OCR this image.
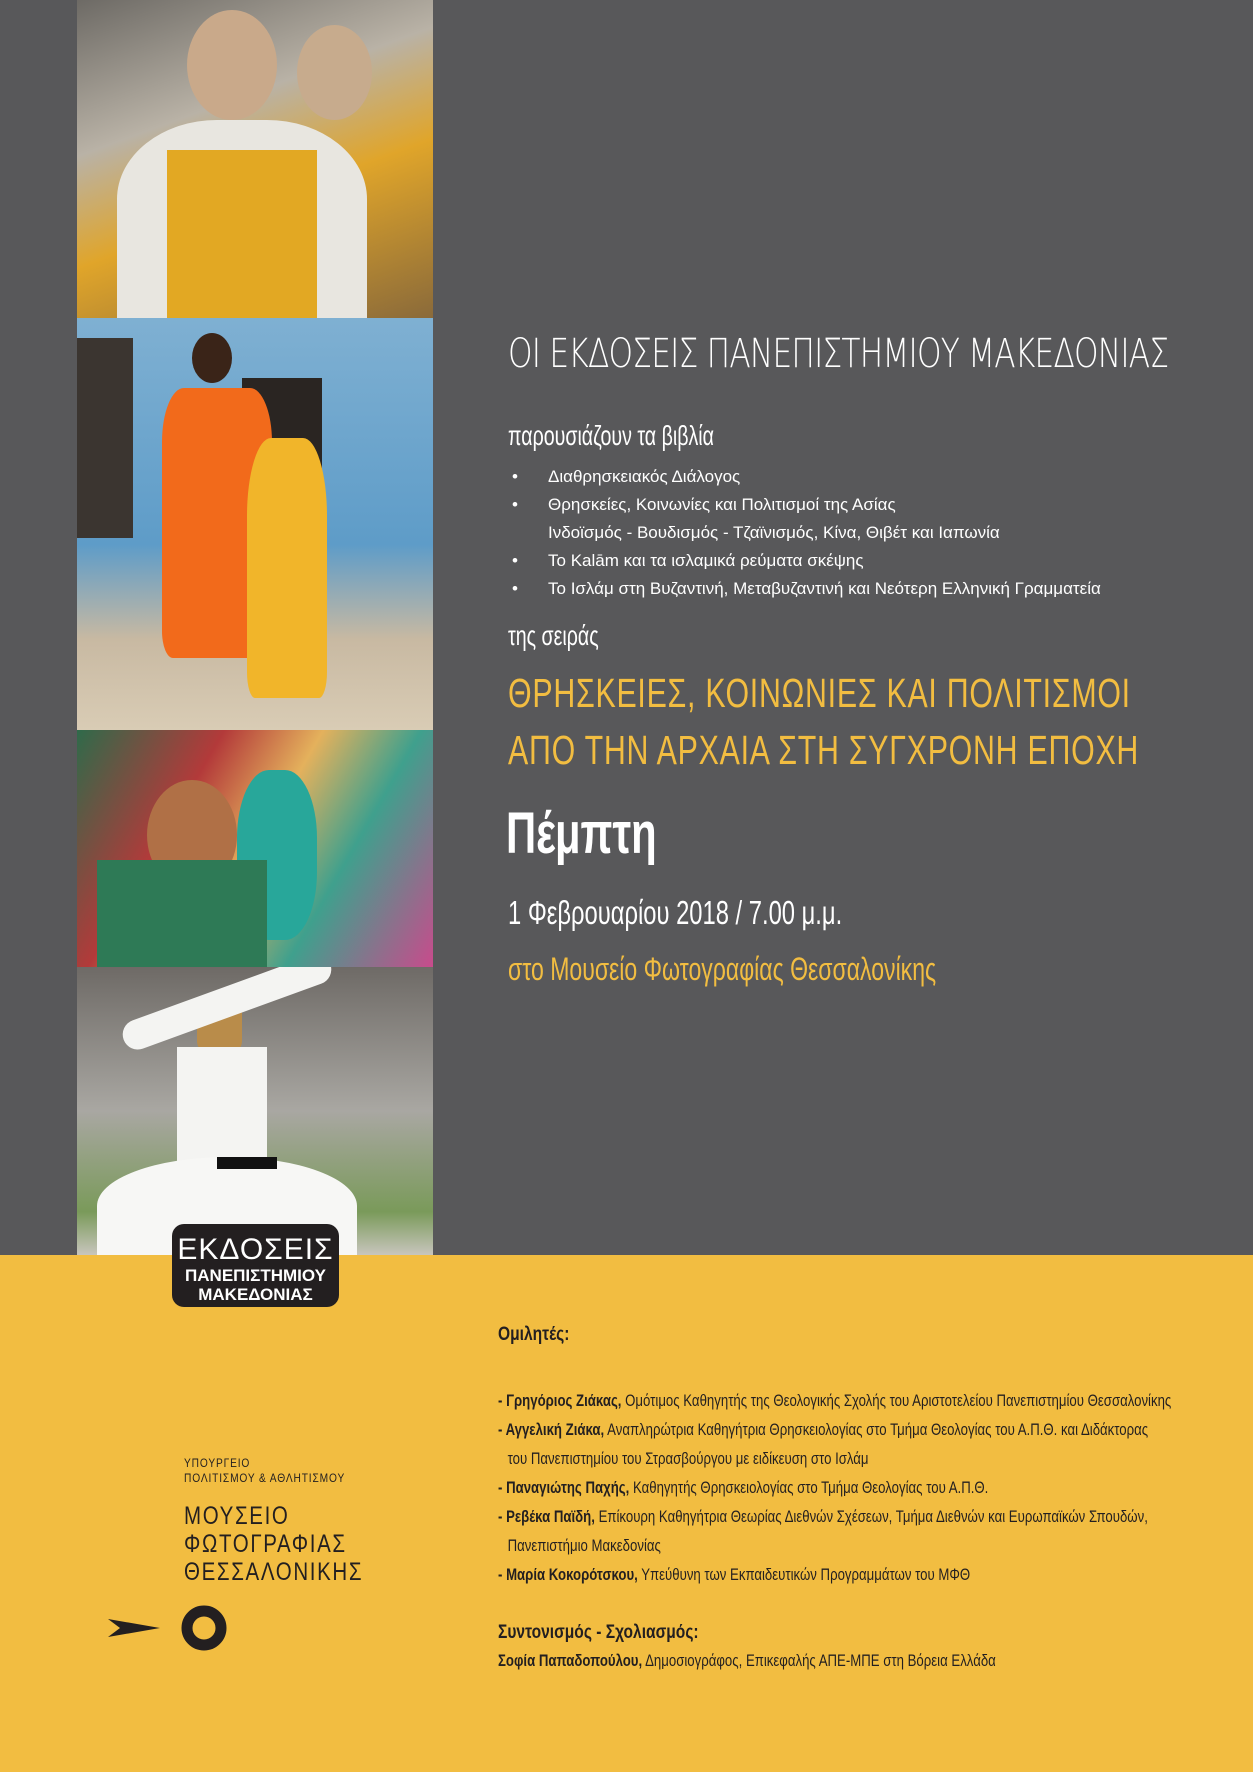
ΕΚΔΟΣΕΙΣ
ΠΑΝΕΠΙΣΤΗΜΙΟΥ
ΜΑΚΕΔΟΝΙΑΣ
ΟΙ ΕΚΔΟΣΕΙΣ ΠΑΝΕΠΙΣΤΗΜΙΟΥ ΜΑΚΕΔΟΝΙΑΣ
παρουσιάζουν τα βιβλία
• Διαθρησκειακός Διάλογος
• Θρησκείες, Κοινωνίες και Πολιτισμοί της Ασίας
Ινδοϊσμός - Βουδισμός - Τζαϊνισμός, Κίνα, Θιβέτ και Ιαπωνία
• Το Kalām και τα ισλαμικά ρεύματα σκέψης
• Το Ισλάμ στη Βυζαντινή, Μεταβυζαντινή και Νεότερη Ελληνική Γραμματεία
της σειράς
ΘΡΗΣΚΕΙΕΣ, ΚΟΙΝΩΝΙΕΣ ΚΑΙ ΠΟΛΙΤΙΣΜΟΙ
ΑΠΟ ΤΗΝ ΑΡΧΑΙΑ ΣΤΗ ΣΥΓΧΡΟΝΗ ΕΠΟΧΗ
Πέμπτη
1 Φεβρουαρίου 2018 / 7.00 μ.μ.
στο Μουσείο Φωτογραφίας Θεσσαλονίκης
Ομιλητές:
- Γρηγόριος Ζιάκας, Ομότιμος Καθηγητής της Θεολογικής Σχολής του Αριστοτελείου Πανεπιστημίου Θεσσαλονίκης
- Αγγελική Ζιάκα, Αναπληρώτρια Καθηγήτρια Θρησκειολογίας στο Τμήμα Θεολογίας του Α.Π.Θ. και Διδάκτορας
του Πανεπιστημίου του Στρασβούργου με ειδίκευση στο Ισλάμ
- Παναγιώτης Παχής, Καθηγητής Θρησκειολογίας στο Τμήμα Θεολογίας του Α.Π.Θ.
- Ρεβέκα Παϊδή, Επίκουρη Καθηγήτρια Θεωρίας Διεθνών Σχέσεων, Τμήμα Διεθνών και Ευρωπαϊκών Σπουδών,
Πανεπιστήμιο Μακεδονίας
- Μαρία Κοκορότσκου, Υπεύθυνη των Εκπαιδευτικών Προγραμμάτων του ΜΦΘ
Συντονισμός - Σχολιασμός:
Σοφία Παπαδοπούλου, Δημοσιογράφος, Επικεφαλής ΑΠΕ-ΜΠΕ στη Βόρεια Ελλάδα
ΥΠΟΥΡΓΕΙΟ
ΠΟΛΙΤΙΣΜΟΥ & ΑΘΛΗΤΙΣΜΟΥ
ΜΟΥΣΕΙΟ
ΦΩΤΟΓΡΑΦΙΑΣ
ΘΕΣΣΑΛΟΝΙΚΗΣ
